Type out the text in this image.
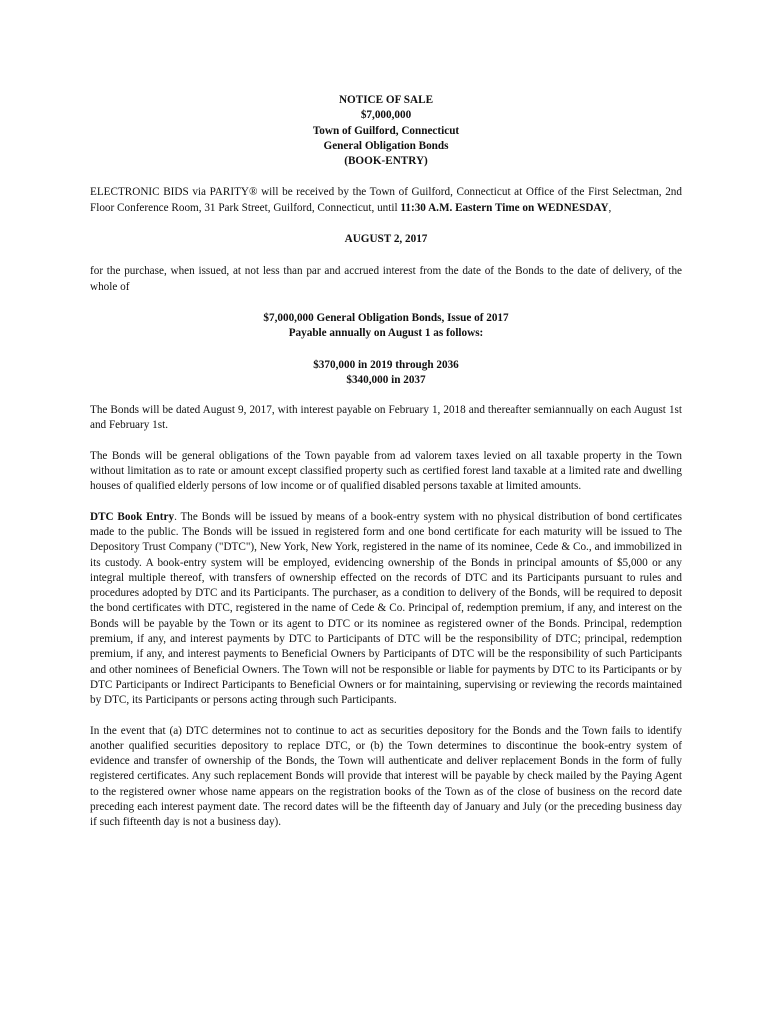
NOTICE OF SALE
$7,000,000
Town of Guilford, Connecticut
General Obligation Bonds
(BOOK-ENTRY)

ELECTRONIC BIDS via PARITY® will be received by the Town of Guilford, Connecticut at Office of the First Selectman, 2nd Floor Conference Room, 31 Park Street, Guilford, Connecticut, until 11:30 A.M. Eastern Time on WEDNESDAY,

AUGUST 2, 2017

for the purchase, when issued, at not less than par and accrued interest from the date of the Bonds to the date of delivery, of the whole of

$7,000,000 General Obligation Bonds, Issue of 2017
Payable annually on August 1 as follows:
$370,000 in 2019 through 2036
$340,000 in 2037

The Bonds will be dated August 9, 2017, with interest payable on February 1, 2018 and thereafter semiannually on each August 1st and February 1st.

The Bonds will be general obligations of the Town payable from ad valorem taxes levied on all taxable property in the Town without limitation as to rate or amount except classified property such as certified forest land taxable at a limited rate and dwelling houses of qualified elderly persons of low income or of qualified disabled persons taxable at limited amounts.

DTC Book Entry. The Bonds will be issued by means of a book-entry system with no physical distribution of bond certificates made to the public. The Bonds will be issued in registered form and one bond certificate for each maturity will be issued to The Depository Trust Company ("DTC"), New York, New York, registered in the name of its nominee, Cede & Co., and immobilized in its custody. A book-entry system will be employed, evidencing ownership of the Bonds in principal amounts of $5,000 or any integral multiple thereof, with transfers of ownership effected on the records of DTC and its Participants pursuant to rules and procedures adopted by DTC and its Participants. The purchaser, as a condition to delivery of the Bonds, will be required to deposit the bond certificates with DTC, registered in the name of Cede & Co. Principal of, redemption premium, if any, and interest on the Bonds will be payable by the Town or its agent to DTC or its nominee as registered owner of the Bonds. Principal, redemption premium, if any, and interest payments by DTC to Participants of DTC will be the responsibility of DTC; principal, redemption premium, if any, and interest payments to Beneficial Owners by Participants of DTC will be the responsibility of such Participants and other nominees of Beneficial Owners. The Town will not be responsible or liable for payments by DTC to its Participants or by DTC Participants or Indirect Participants to Beneficial Owners or for maintaining, supervising or reviewing the records maintained by DTC, its Participants or persons acting through such Participants.

In the event that (a) DTC determines not to continue to act as securities depository for the Bonds and the Town fails to identify another qualified securities depository to replace DTC, or (b) the Town determines to discontinue the book-entry system of evidence and transfer of ownership of the Bonds, the Town will authenticate and deliver replacement Bonds in the form of fully registered certificates. Any such replacement Bonds will provide that interest will be payable by check mailed by the Paying Agent to the registered owner whose name appears on the registration books of the Town as of the close of business on the record date preceding each interest payment date. The record dates will be the fifteenth day of January and July (or the preceding business day if such fifteenth day is not a business day).
